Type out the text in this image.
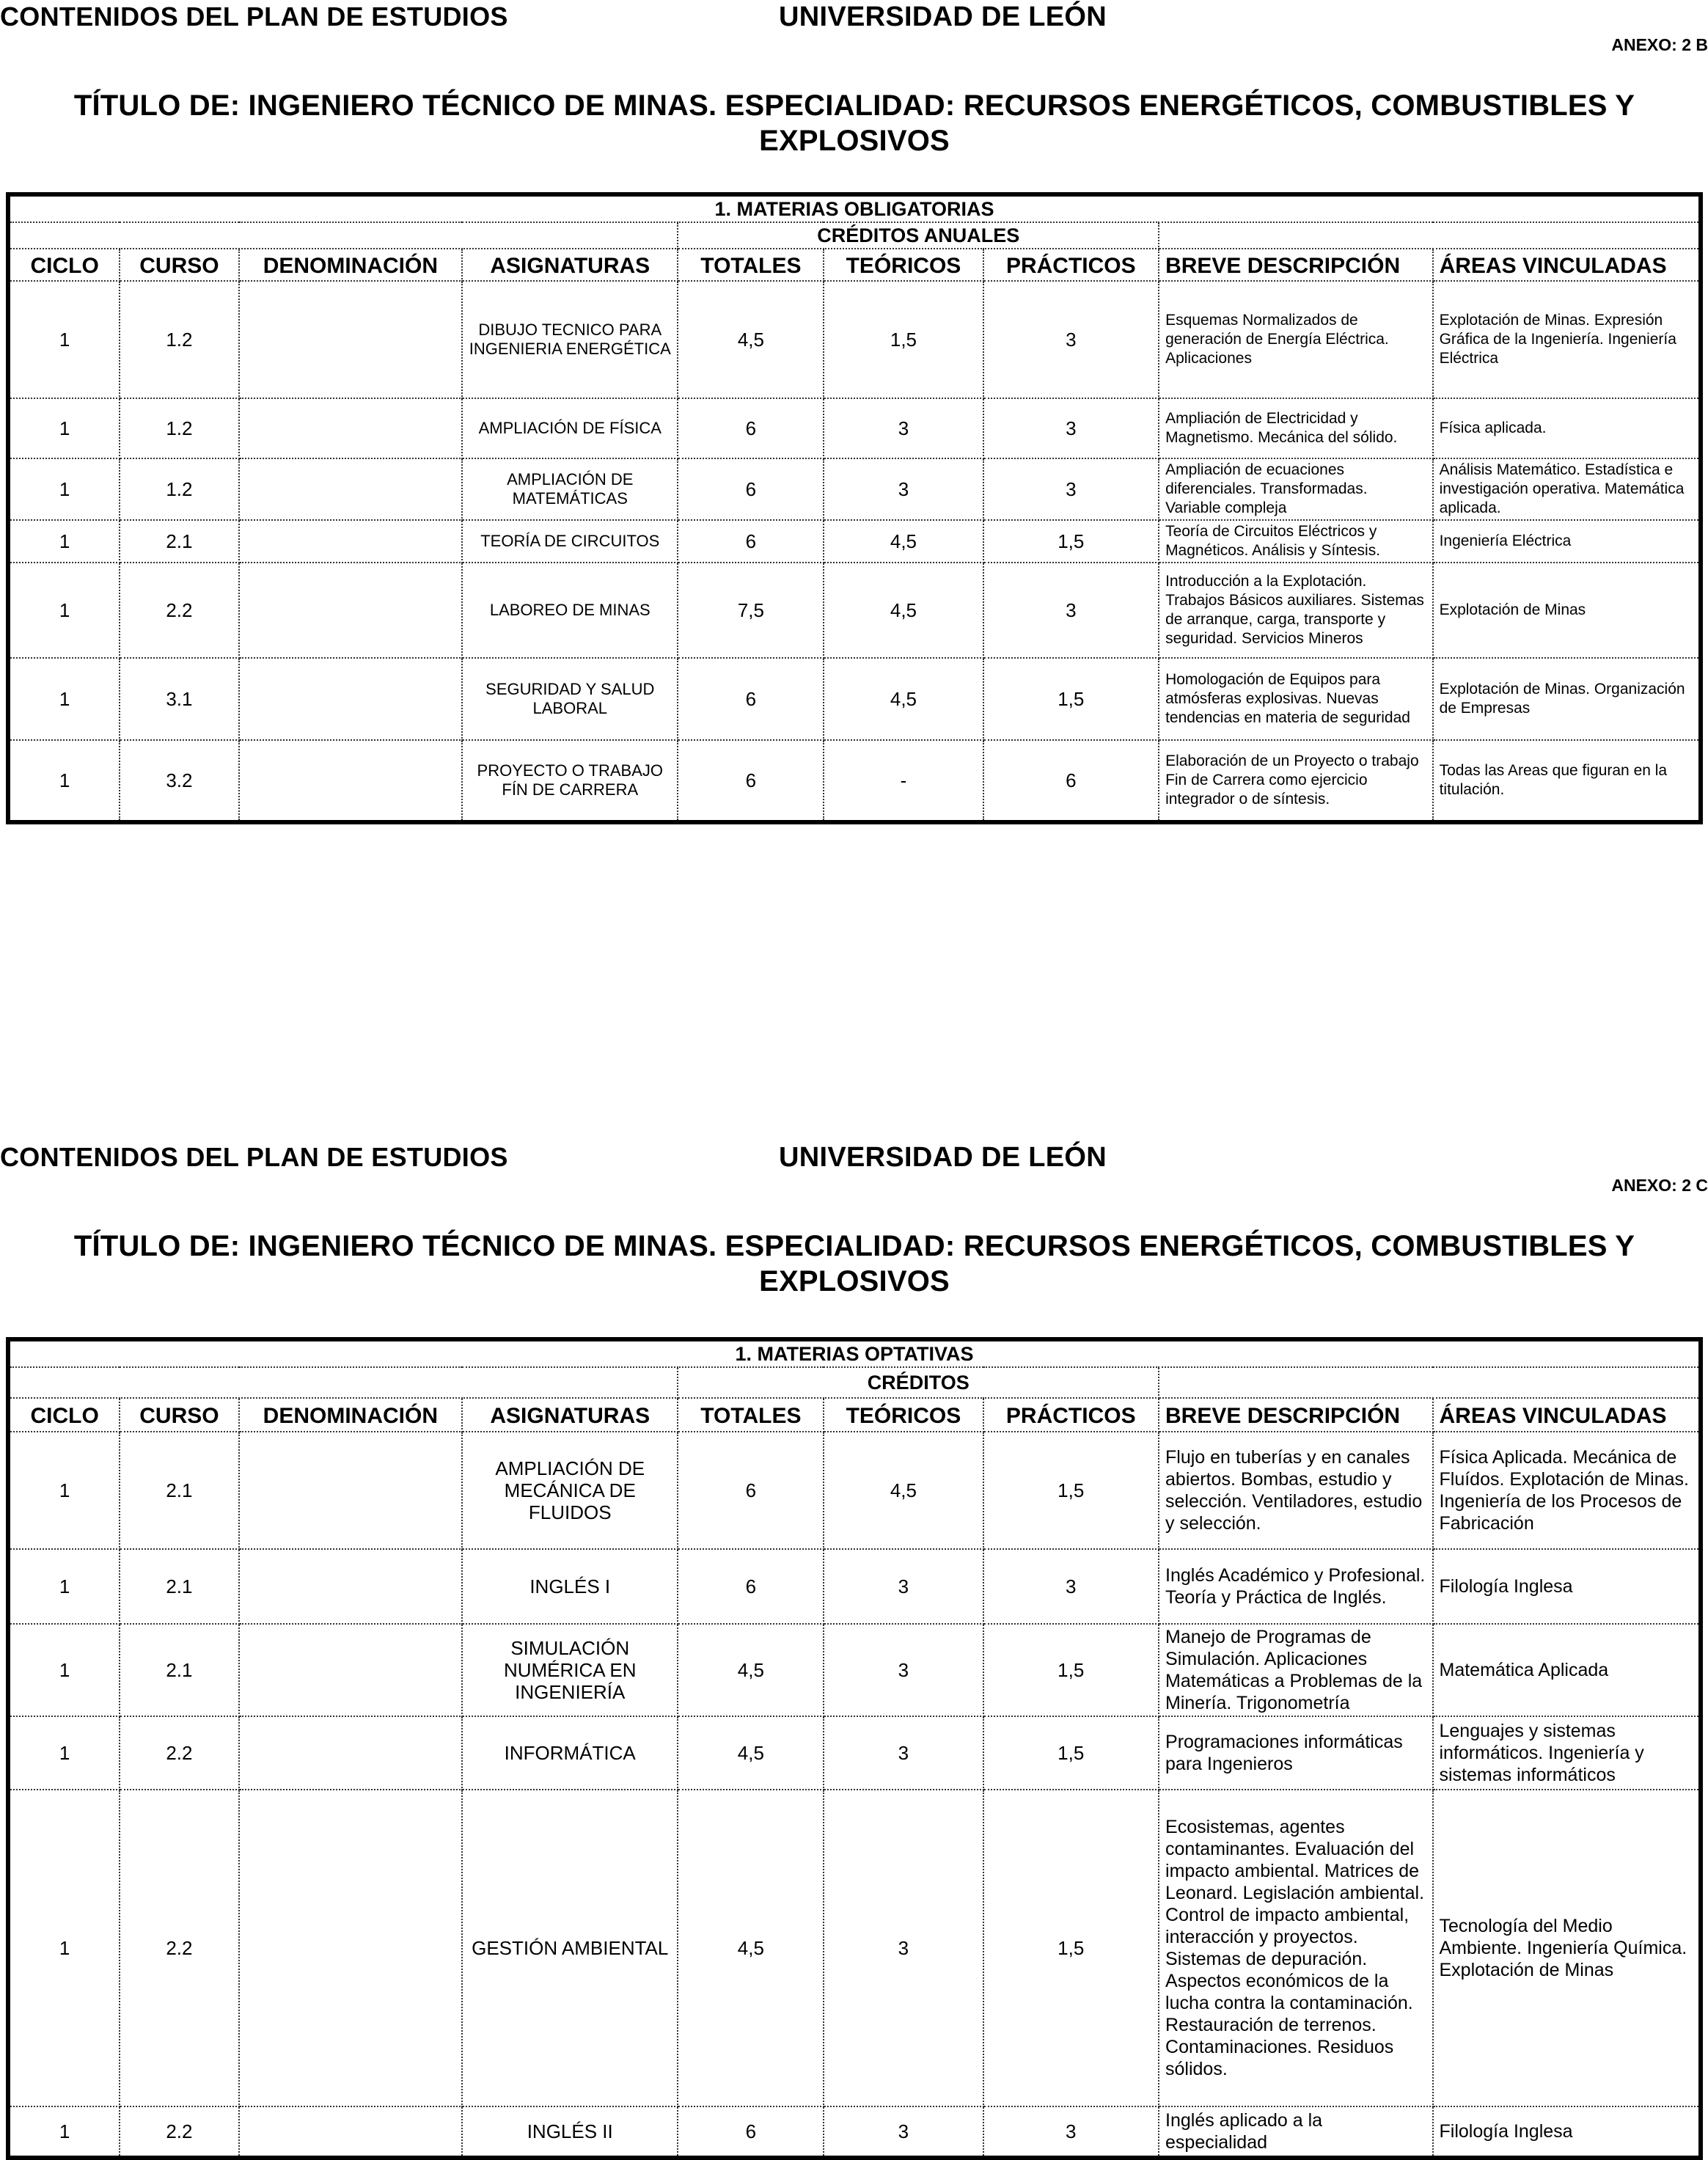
CONTENIDOS DEL PLAN DE ESTUDIOS	UNIVERSIDAD DE LEÓN
ANEXO: 2 B
TÍTULO DE: INGENIERO TÉCNICO DE MINAS. ESPECIALIDAD: RECURSOS ENERGÉTICOS, COMBUSTIBLES Y
EXPLOSIVOS
1. MATERIAS OBLIGATORIAS								
				CRÉDITOS ANUALES				
CICLO	CURSO	DENOMINACIÓN	ASIGNATURAS	TOTALES	TEÓRICOS	PRÁCTICOS	BREVE DESCRIPCIÓN	ÁREAS VINCULADAS
1	1.2		DIBUJO TECNICO PARA INGENIERIA ENERGÉTICA	4,5	1,5	3	Esquemas Normalizados de generación de Energía Eléctrica. Aplicaciones	Explotación de Minas. Expresión Gráfica de la Ingeniería. Ingeniería Eléctrica
1	1.2		AMPLIACIÓN DE FÍSICA	6	3	3	Ampliación de Electricidad y Magnetismo. Mecánica del sólido.	Física aplicada.
1	1.2		AMPLIACIÓN DE MATEMÁTICAS	6	3	3	Ampliación de ecuaciones diferenciales. Transformadas. Variable compleja	Análisis Matemático. Estadística e investigación operativa. Matemática aplicada.
1	2.1		TEORÍA DE CIRCUITOS	6	4,5	1,5	Teoría de Circuitos Eléctricos y Magnéticos. Análisis y Síntesis.	Ingeniería Eléctrica
1	2.2		LABOREO DE MINAS	7,5	4,5	3	Introducción a la Explotación. Trabajos Básicos auxiliares. Sistemas de arranque, carga, transporte y seguridad. Servicios Mineros	Explotación de Minas
1	3.1		SEGURIDAD Y SALUD LABORAL	6	4,5	1,5	Homologación de Equipos para atmósferas explosivas. Nuevas tendencias en materia de seguridad	Explotación de Minas. Organización de Empresas
1	3.2		PROYECTO O TRABAJO FÍN DE CARRERA	6	-	6	Elaboración de un Proyecto o trabajo Fin de Carrera como ejercicio integrador o de síntesis.	Todas las Areas que figuran en la titulación.
CONTENIDOS DEL PLAN DE ESTUDIOS	UNIVERSIDAD DE LEÓN
ANEXO: 2 C
TÍTULO DE: INGENIERO TÉCNICO DE MINAS. ESPECIALIDAD: RECURSOS ENERGÉTICOS, COMBUSTIBLES Y
EXPLOSIVOS
1. MATERIAS OPTATIVAS								
				CRÉDITOS				
CICLO	CURSO	DENOMINACIÓN	ASIGNATURAS	TOTALES	TEÓRICOS	PRÁCTICOS	BREVE DESCRIPCIÓN	ÁREAS VINCULADAS
1	2.1		AMPLIACIÓN DE MECÁNICA DE FLUIDOS	6	4,5	1,5	Flujo en tuberías y en canales abiertos. Bombas, estudio y selección. Ventiladores, estudio y selección.	Física Aplicada. Mecánica de Fluídos. Explotación de Minas. Ingeniería de los Procesos de Fabricación
1	2.1		INGLÉS I	6	3	3	Inglés Académico y Profesional. Teoría y Práctica de Inglés.	Filología Inglesa
1	2.1		SIMULACIÓN NUMÉRICA EN INGENIERÍA	4,5	3	1,5	Manejo de Programas de Simulación. Aplicaciones Matemáticas a Problemas de la Minería. Trigonometría	Matemática Aplicada
1	2.2		INFORMÁTICA	4,5	3	1,5	Programaciones informáticas para Ingenieros	Lenguajes y sistemas informáticos. Ingeniería y sistemas informáticos
1	2.2		GESTIÓN AMBIENTAL	4,5	3	1,5	Ecosistemas, agentes contaminantes. Evaluación del impacto ambiental. Matrices de Leonard. Legislación ambiental. Control de impacto ambiental, interacción y proyectos. Sistemas de depuración. Aspectos económicos de la lucha contra la contaminación. Restauración de terrenos. Contaminaciones. Residuos sólidos.	Tecnología del Medio Ambiente. Ingeniería Química. Explotación de Minas
1	2.2		INGLÉS II	6	3	3	Inglés aplicado a la especialidad	Filología Inglesa
